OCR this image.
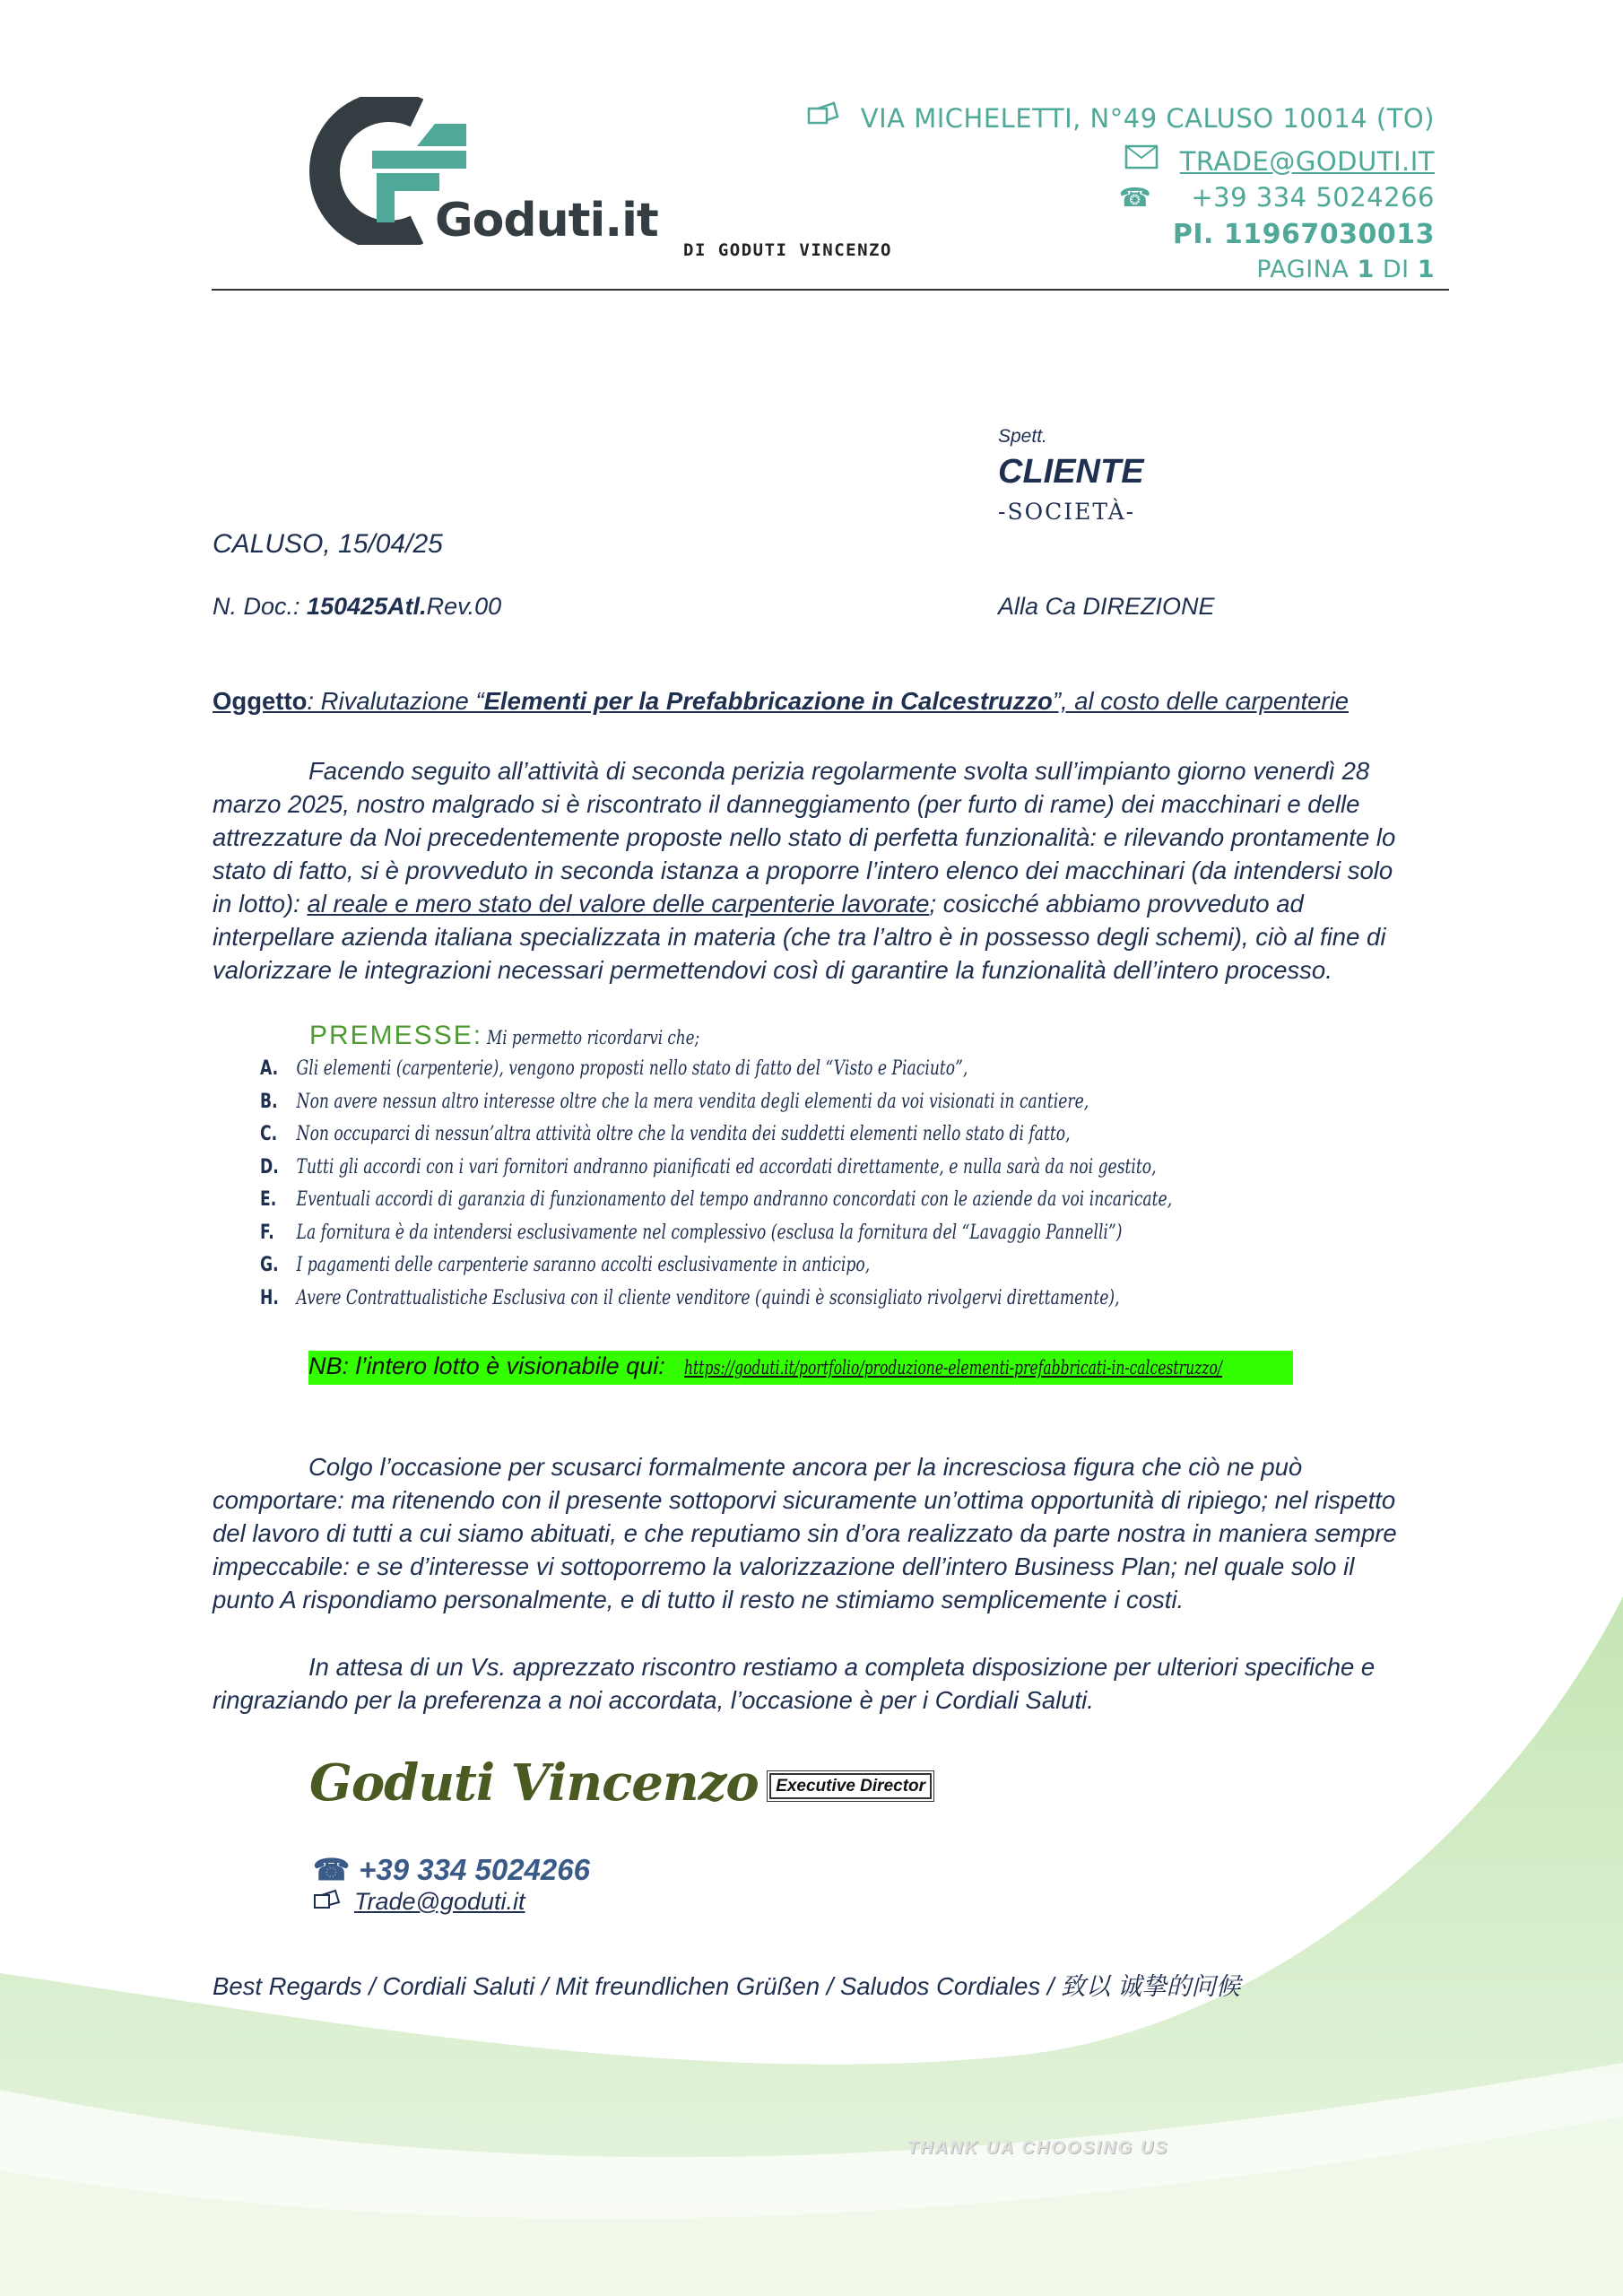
Goduti.it
DI GODUTI VINCENZO
VIA MICHELETTI, N°49 CALUSO 10014 (TO)
TRADE@GODUTI.IT
☎ +39 334 5024266
PI. 11967030013
PAGINA 1 DI 1
Spett.
CLIENTE
-SOCIETÀ-
CALUSO, 15/04/25
N. Doc.: 150425Atl.Rev.00	Alla Ca DIREZIONE
Oggetto: Rivalutazione “Elementi per la Prefabbricazione in Calcestruzzo”, al costo delle carpenterie
Facendo seguito all’attività di seconda perizia regolarmente svolta sull’impianto giorno venerdì 28 marzo 2025, nostro malgrado si è riscontrato il danneggiamento (per furto di rame) dei macchinari e delle attrezzature da Noi precedentemente proposte nello stato di perfetta funzionalità: e rilevando prontamente lo stato di fatto, si è provveduto in seconda istanza a proporre l’intero elenco dei macchinari (da intendersi solo in lotto): al reale e mero stato del valore delle carpenterie lavorate; cosicché abbiamo provveduto ad interpellare azienda italiana specializzata in materia (che tra l’altro è in possesso degli schemi), ciò al fine di valorizzare le integrazioni necessari permettendovi così di garantire la funzionalità dell’intero processo.
PREMESSE: Mi permetto ricordarvi che;
A. Gli elementi (carpenterie), vengono proposti nello stato di fatto del “Visto e Piaciuto”,
B. Non avere nessun altro interesse oltre che la mera vendita degli elementi da voi visionati in cantiere,
C. Non occuparci di nessun’altra attività oltre che la vendita dei suddetti elementi nello stato di fatto,
D. Tutti gli accordi con i vari fornitori andranno pianificati ed accordati direttamente, e nulla sarà da noi gestito,
E. Eventuali accordi di garanzia di funzionamento del tempo andranno concordati con le aziende da voi incaricate,
F. La fornitura è da intendersi esclusivamente nel complessivo (esclusa la fornitura del “Lavaggio Pannelli”)
G. I pagamenti delle carpenterie saranno accolti esclusivamente in anticipo,
H. Avere Contrattualistiche Esclusiva con il cliente venditore (quindi è sconsigliato rivolgervi direttamente),
NB: l’intero lotto è visionabile qui: https://goduti.it/portfolio/produzione-elementi-prefabbricati-in-calcestruzzo/
Colgo l’occasione per scusarci formalmente ancora per la incresciosa figura che ciò ne può comportare: ma ritenendo con il presente sottoporvi sicuramente un’ottima opportunità di ripiego; nel rispetto del lavoro di tutti a cui siamo abituati, e che reputiamo sin d’ora realizzato da parte nostra in maniera sempre impeccabile: e se d’interesse vi sottoporremo la valorizzazione dell’intero Business Plan; nel quale solo il punto A rispondiamo personalmente, e di tutto il resto ne stimiamo semplicemente i costi.
In attesa di un Vs. apprezzato riscontro restiamo a completa disposizione per ulteriori specifiche e ringraziando per la preferenza a noi accordata, l’occasione è per i Cordiali Saluti.
Goduti Vincenzo Executive Director
☎ +39 334 5024266
Trade@goduti.it
Best Regards / Cordiali Saluti / Mit freundlichen Grüßen / Saludos Cordiales / 致以 诚挚的问候
THANK UA CHOOSING US
